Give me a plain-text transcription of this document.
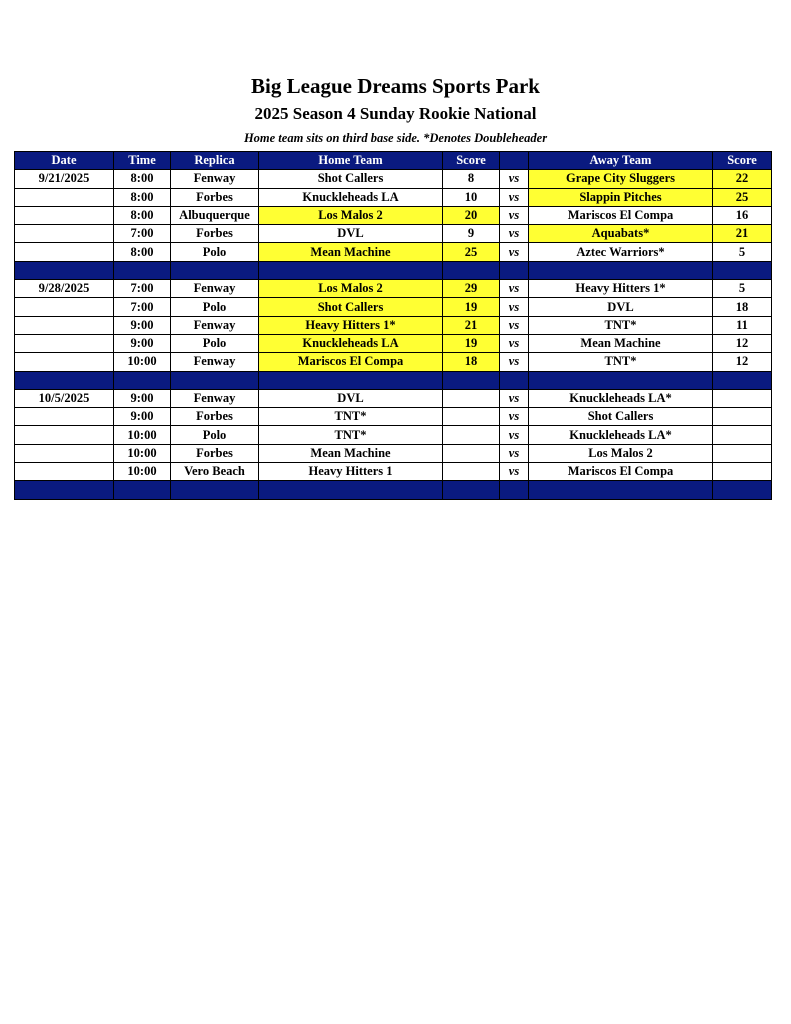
Big League Dreams Sports Park
2025 Season 4 Sunday Rookie National
Home team sits on third base side. *Denotes Doubleheader
Date	Time	Replica	Home Team	Score		Away Team	Score
9/21/2025	8:00	Fenway	Shot Callers	8	vs	Grape City Sluggers	22
	8:00	Forbes	Knuckleheads LA	10	vs	Slappin Pitches	25
	8:00	Albuquerque	Los Malos 2	20	vs	Mariscos El Compa	16
	7:00	Forbes	DVL	9	vs	Aquabats*	21
	8:00	Polo	Mean Machine	25	vs	Aztec Warriors*	5

9/28/2025	7:00	Fenway	Los Malos 2	29	vs	Heavy Hitters 1*	5
	7:00	Polo	Shot Callers	19	vs	DVL	18
	9:00	Fenway	Heavy Hitters 1*	21	vs	TNT*	11
	9:00	Polo	Knuckleheads LA	19	vs	Mean Machine	12
	10:00	Fenway	Mariscos El Compa	18	vs	TNT*	12

10/5/2025	9:00	Fenway	DVL		vs	Knuckleheads LA*	
	9:00	Forbes	TNT*		vs	Shot Callers	
	10:00	Polo	TNT*		vs	Knuckleheads LA*	
	10:00	Forbes	Mean Machine		vs	Los Malos 2	
	10:00	Vero Beach	Heavy Hitters 1		vs	Mariscos El Compa	
